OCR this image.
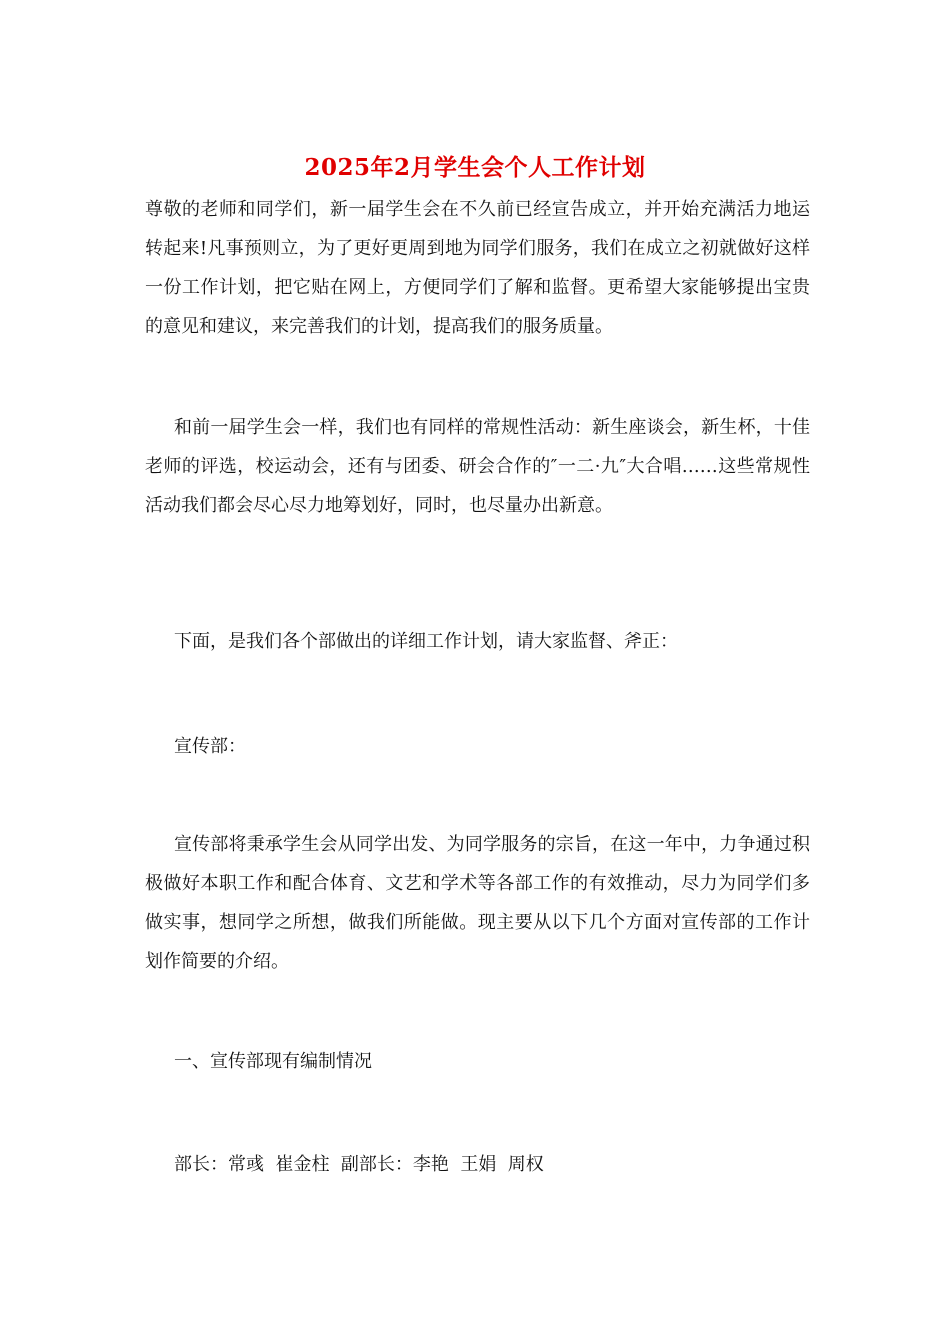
2025年2月学生会个人工作计划

尊敬的老师和同学们，新一届学生会在不久前已经宣告成立，并开始充满活力地运转起来!凡事预则立，为了更好更周到地为同学们服务，我们在成立之初就做好这样一份工作计划，把它贴在网上，方便同学们了解和监督。更希望大家能够提出宝贵的意见和建议，来完善我们的计划，提高我们的服务质量。

和前一届学生会一样，我们也有同样的常规性活动：新生座谈会，新生杯，十佳老师的评选，校运动会，还有与团委、研会合作的″一二·九″大合唱……这些常规性活动我们都会尽心尽力地筹划好，同时，也尽量办出新意。

下面，是我们各个部做出的详细工作计划，请大家监督、斧正：

宣传部：

宣传部将秉承学生会从同学出发、为同学服务的宗旨，在这一年中，力争通过积极做好本职工作和配合体育、文艺和学术等各部工作的有效推动，尽力为同学们多做实事，想同学之所想，做我们所能做。现主要从以下几个方面对宣传部的工作计划作简要的介绍。

一、宣传部现有编制情况

部长：常彧  崔金柱  副部长：李艳  王娟  周权
